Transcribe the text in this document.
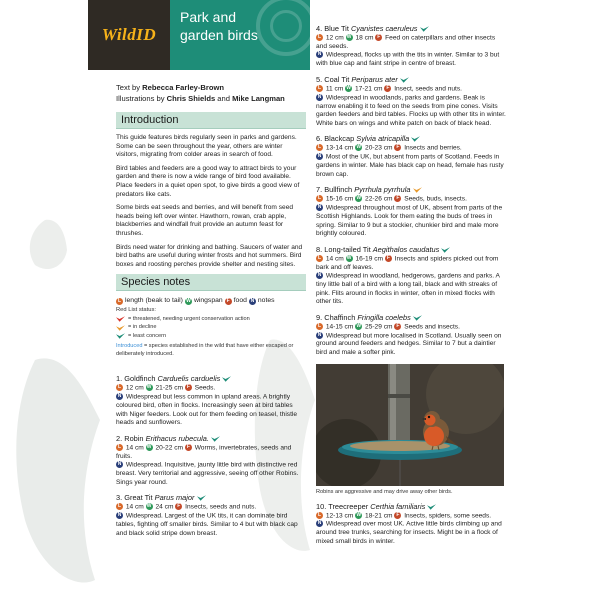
WildID
Park and
garden birds
Text by Rebecca Farley-Brown
Illustrations by Chris Shields and Mike Langman
Introduction

This guide features birds regularly seen in parks and gardens. Some can be seen throughout the year, others are winter visitors, migrating from colder areas in search of food.

Bird tables and feeders are a good way to attract birds to your garden and there is now a wide range of bird food available. Place feeders in a quiet open spot, to give birds a good view of predators like cats.

Some birds eat seeds and berries, and will benefit from seed heads being left over winter. Hawthorn, rowan, crab apple, blackberries and windfall fruit provide an autumn feast for thrushes.

Birds need water for drinking and bathing. Saucers of water and bird baths are useful during winter frosts and hot summers. Bird boxes and roosting perches provide shelter and nesting sites.

Species notes
L length (beak to tail) W wingspan F food N notes
Red List status:
= threatened, needing urgent conservation action
= in decline
= least concern
Introduced = species established in the wild that have either escaped or deliberately introduced.
1. Goldfinch Carduelis carduelis
L 12 cm W 21-25 cm F Seeds.
N Widespread but less common in upland areas. A brightly coloured bird, often in flocks. Increasingly seen at bird tables with Niger feeders. Look out for them feeding on teasel, thistle heads and sunflowers.
2. Robin Erithacus rubecula.
L 14 cm W 20-22 cm F Worms, invertebrates, seeds and fruits.
N Widespread. Inquisitive, jaunty little bird with distinctive red breast. Very territorial and aggressive, seeing off other Robins. Sings year round.
3. Great Tit Parus major
L 14 cm W 24 cm F Insects, seeds and nuts.
N Widespread. Largest of the UK tits, it can dominate bird tables, fighting off smaller birds. Similar to 4 but with black cap and black solid stripe down breast.
4. Blue Tit Cyanistes caeruleus
L 12 cm W 18 cm F Feed on caterpillars and other insects and seeds.
N Widespread, flocks up with the tits in winter. Similar to 3 but with blue cap and faint stripe in centre of breast.
5. Coal Tit Periparus ater
L 11 cm W 17-21 cm F Insect, seeds and nuts.
N Widespread in woodlands, parks and gardens. Beak is narrow enabling it to feed on the seeds from pine cones. Visits garden feeders and bird tables. Flocks up with other tits in winter. White bars on wings and white patch on back of black head.
6. Blackcap Sylvia atricapilla
L 13-14 cm W 20-23 cm F Insects and berries.
N Most of the UK, but absent from parts of Scotland. Feeds in gardens in winter. Male has black cap on head, female has rusty brown cap.
7. Bullfinch Pyrrhula pyrrhula
L 15-16 cm W 22-26 cm F Seeds, buds, insects.
N Widespread throughout most of UK, absent from parts of the Scottish Highlands. Look for them eating the buds of trees in spring. Similar to 9 but a stockier, chunkier bird and male more brightly coloured.
8. Long-tailed Tit Aegithalos caudatus
L 14 cm W 16-19 cm F Insects and spiders picked out from bark and off leaves.
N Widespread in woodland, hedgerows, gardens and parks. A tiny little ball of a bird with a long tail, black and with streaks of pink. Flits around in flocks in winter, often in mixed flocks with other tits.
9. Chaffinch Fringilla coelebs
L 14-15 cm W 25-29 cm F Seeds and insects.
N Widespread but more localised in Scotland. Usually seen on ground around feeders and hedges. Similar to 7 but a daintier bird and male a softer pink.
Robins are aggressive and may drive away other birds.
10. Treecreeper Certhia familiaris
L 12-13 cm W 18-21 cm F Insects, spiders, some seeds.
N Widespread over most UK. Active little birds climbing up and around tree trunks, searching for insects. Might be in a flock of mixed small birds in winter.
